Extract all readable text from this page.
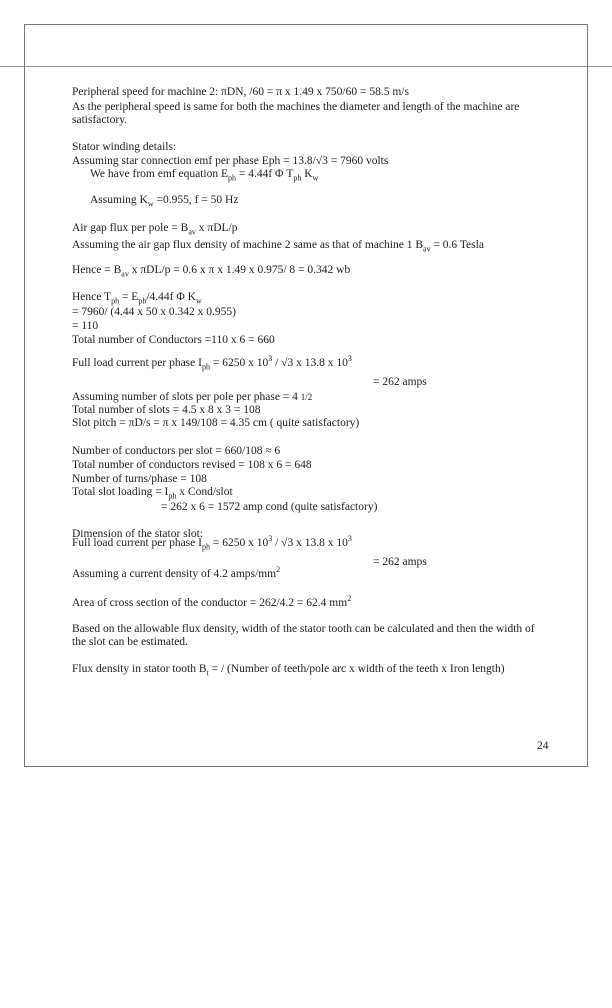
Peripheral speed for machine 2: πDN, /60 = π x 1.49 x 750/60 = 58.5 m/s
As the peripheral speed is same for both the machines the diameter and length of the machine are satisfactory.
Stator winding details:
Assuming star connection emf per phase Eph = 13.8/√3 = 7960 volts
We have from emf equation $E_{ph} = 4.44f$ Φ $T_{ph}$ $K_w$
Assuming $K_w =0.955$, f = 50 Hz
Air gap flux per pole = $B_{av}$ x πDL/p
Assuming the air gap flux density of machine 2 same as that of machine 1 $B_{av} = 0.6$ Tesla
Hence = $B_{av}$ x πDL/p = 0.6 x π x 1.49 x 0.975/ 8 = 0.342 wb
Hence $T_{ph} = E_{ph}/4.44f$ Φ $K_w$
= 7960/ (4.44 x 50 x 0.342 x 0.955)
= 110
Total number of Conductors =110 x 6 = 660
Full load current per phase $I_{ph} = 6250$ x $10^3 / √3$ x 13.8 x $10^3$
= 262 amps
Assuming number of slots per pole per phase = 4 1/2
Total number of slots = 4.5 x 8 x 3 = 108
Slot pitch = πD/s = π x 149/108 = 4.35 cm ( quite satisfactory)
Number of conductors per slot = 660/108 ≈ 6
Total number of conductors revised = 108 x 6 = 648
Number of turns/phase = 108
Total slot loading = $I_{ph}$ x Cond/slot
= 262 x 6 = 1572 amp cond (quite satisfactory)
Dimension of the stator slot:
Full load current per phase $I_{ph} = 6250$ x $10^3 / √3$ x 13.8 x $10^3$
= 262 amps
Assuming a current density of 4.2 amps/$mm^2$
Area of cross section of the conductor = 262/4.2 = 62.4 $mm^2$
Based on the allowable flux density, width of the stator tooth can be calculated and then the width of the slot can be estimated.
Flux density in stator tooth $B_t$ = / (Number of teeth/pole arc x width of the teeth x Iron length)
24
